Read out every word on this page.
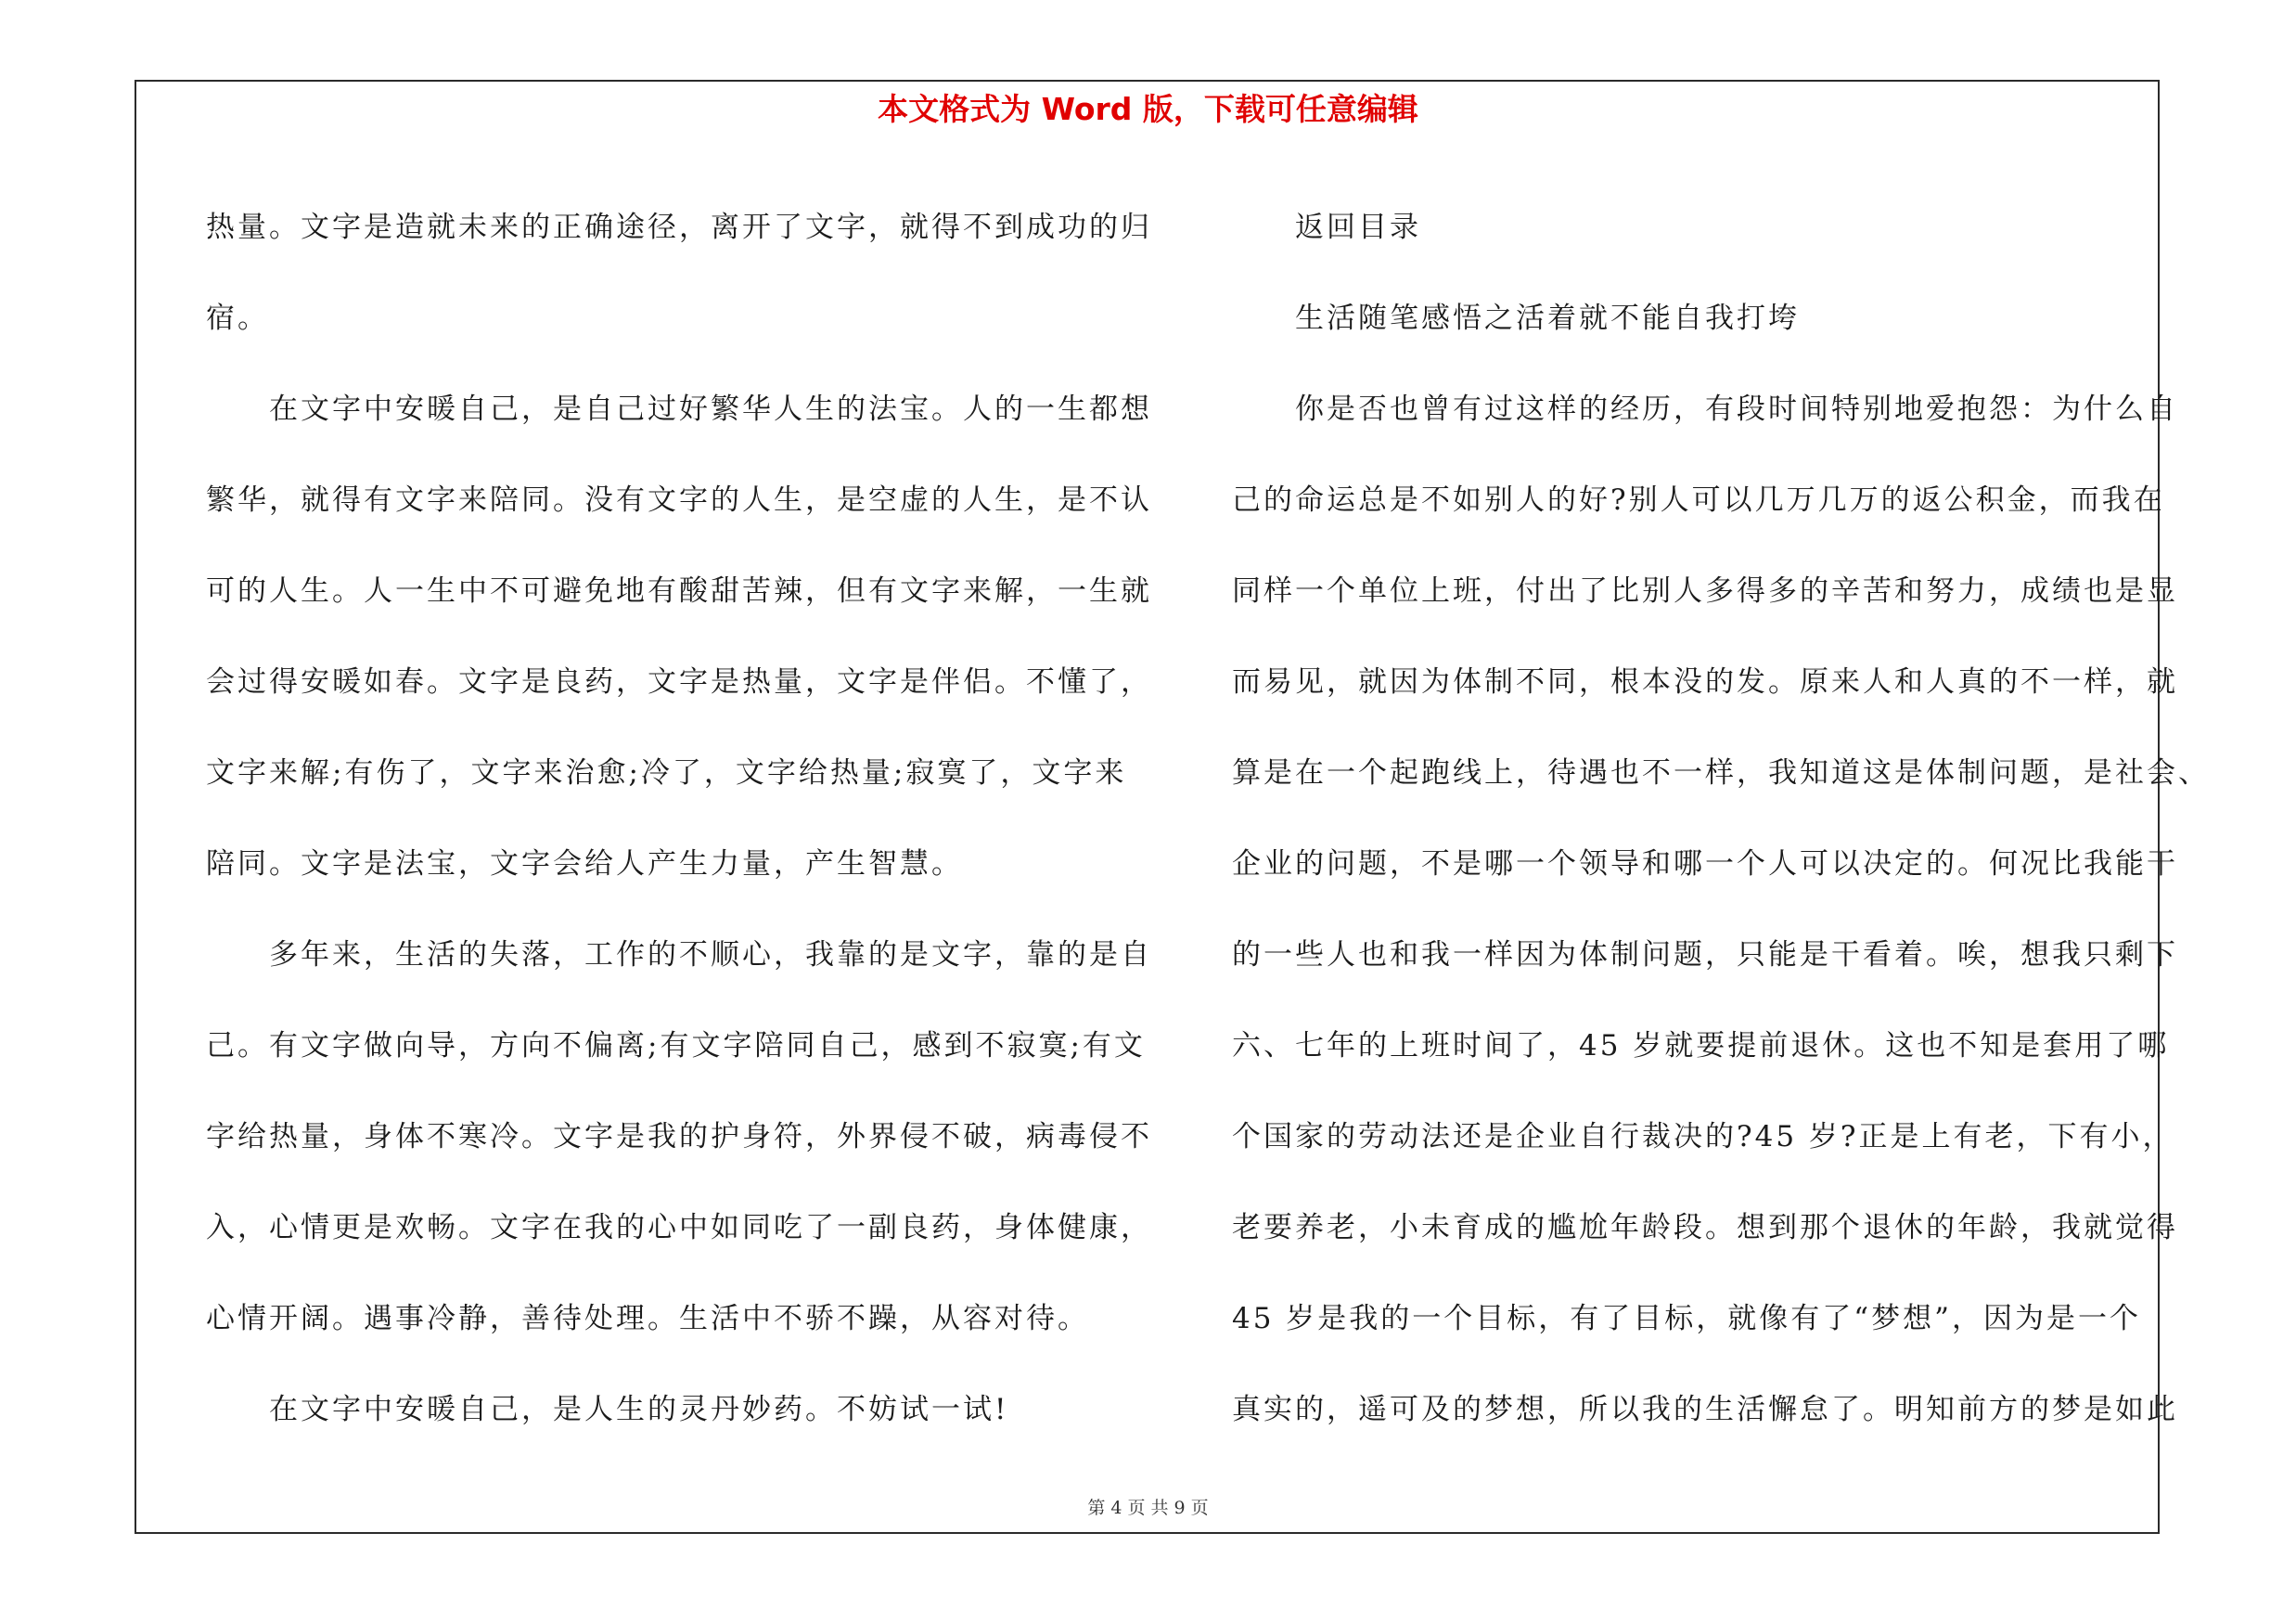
本文格式为 Word 版，下载可任意编辑
热量。文字是造就未来的正确途径，离开了文字，就得不到成功的归
宿。
在文字中安暖自己，是自己过好繁华人生的法宝。人的一生都想
繁华，就得有文字来陪同。没有文字的人生，是空虚的人生，是不认
可的人生。人一生中不可避免地有酸甜苦辣，但有文字来解，一生就
会过得安暖如春。文字是良药，文字是热量，文字是伴侣。不懂了，
文字来解;有伤了，文字来治愈;冷了，文字给热量;寂寞了，文字来
陪同。文字是法宝，文字会给人产生力量，产生智慧。
多年来，生活的失落，工作的不顺心，我靠的是文字，靠的是自
己。有文字做向导，方向不偏离;有文字陪同自己，感到不寂寞;有文
字给热量，身体不寒冷。文字是我的护身符，外界侵不破，病毒侵不
入，心情更是欢畅。文字在我的心中如同吃了一副良药，身体健康，
心情开阔。遇事冷静，善待处理。生活中不骄不躁，从容对待。
在文字中安暖自己，是人生的灵丹妙药。不妨试一试!
返回目录
生活随笔感悟之活着就不能自我打垮
你是否也曾有过这样的经历，有段时间特别地爱抱怨：为什么自
己的命运总是不如别人的好?别人可以几万几万的返公积金，而我在
同样一个单位上班，付出了比别人多得多的辛苦和努力，成绩也是显
而易见，就因为体制不同，根本没的发。原来人和人真的不一样，就
算是在一个起跑线上，待遇也不一样，我知道这是体制问题，是社会、
企业的问题，不是哪一个领导和哪一个人可以决定的。何况比我能干
的一些人也和我一样因为体制问题，只能是干看着。唉，想我只剩下
六、七年的上班时间了，45 岁就要提前退休。这也不知是套用了哪
个国家的劳动法还是企业自行裁决的?45 岁?正是上有老，下有小，
老要养老，小未育成的尴尬年龄段。想到那个退休的年龄，我就觉得
45 岁是我的一个目标，有了目标，就像有了“梦想”，因为是一个
真实的，遥可及的梦想，所以我的生活懈怠了。明知前方的梦是如此
第 4 页 共 9 页
